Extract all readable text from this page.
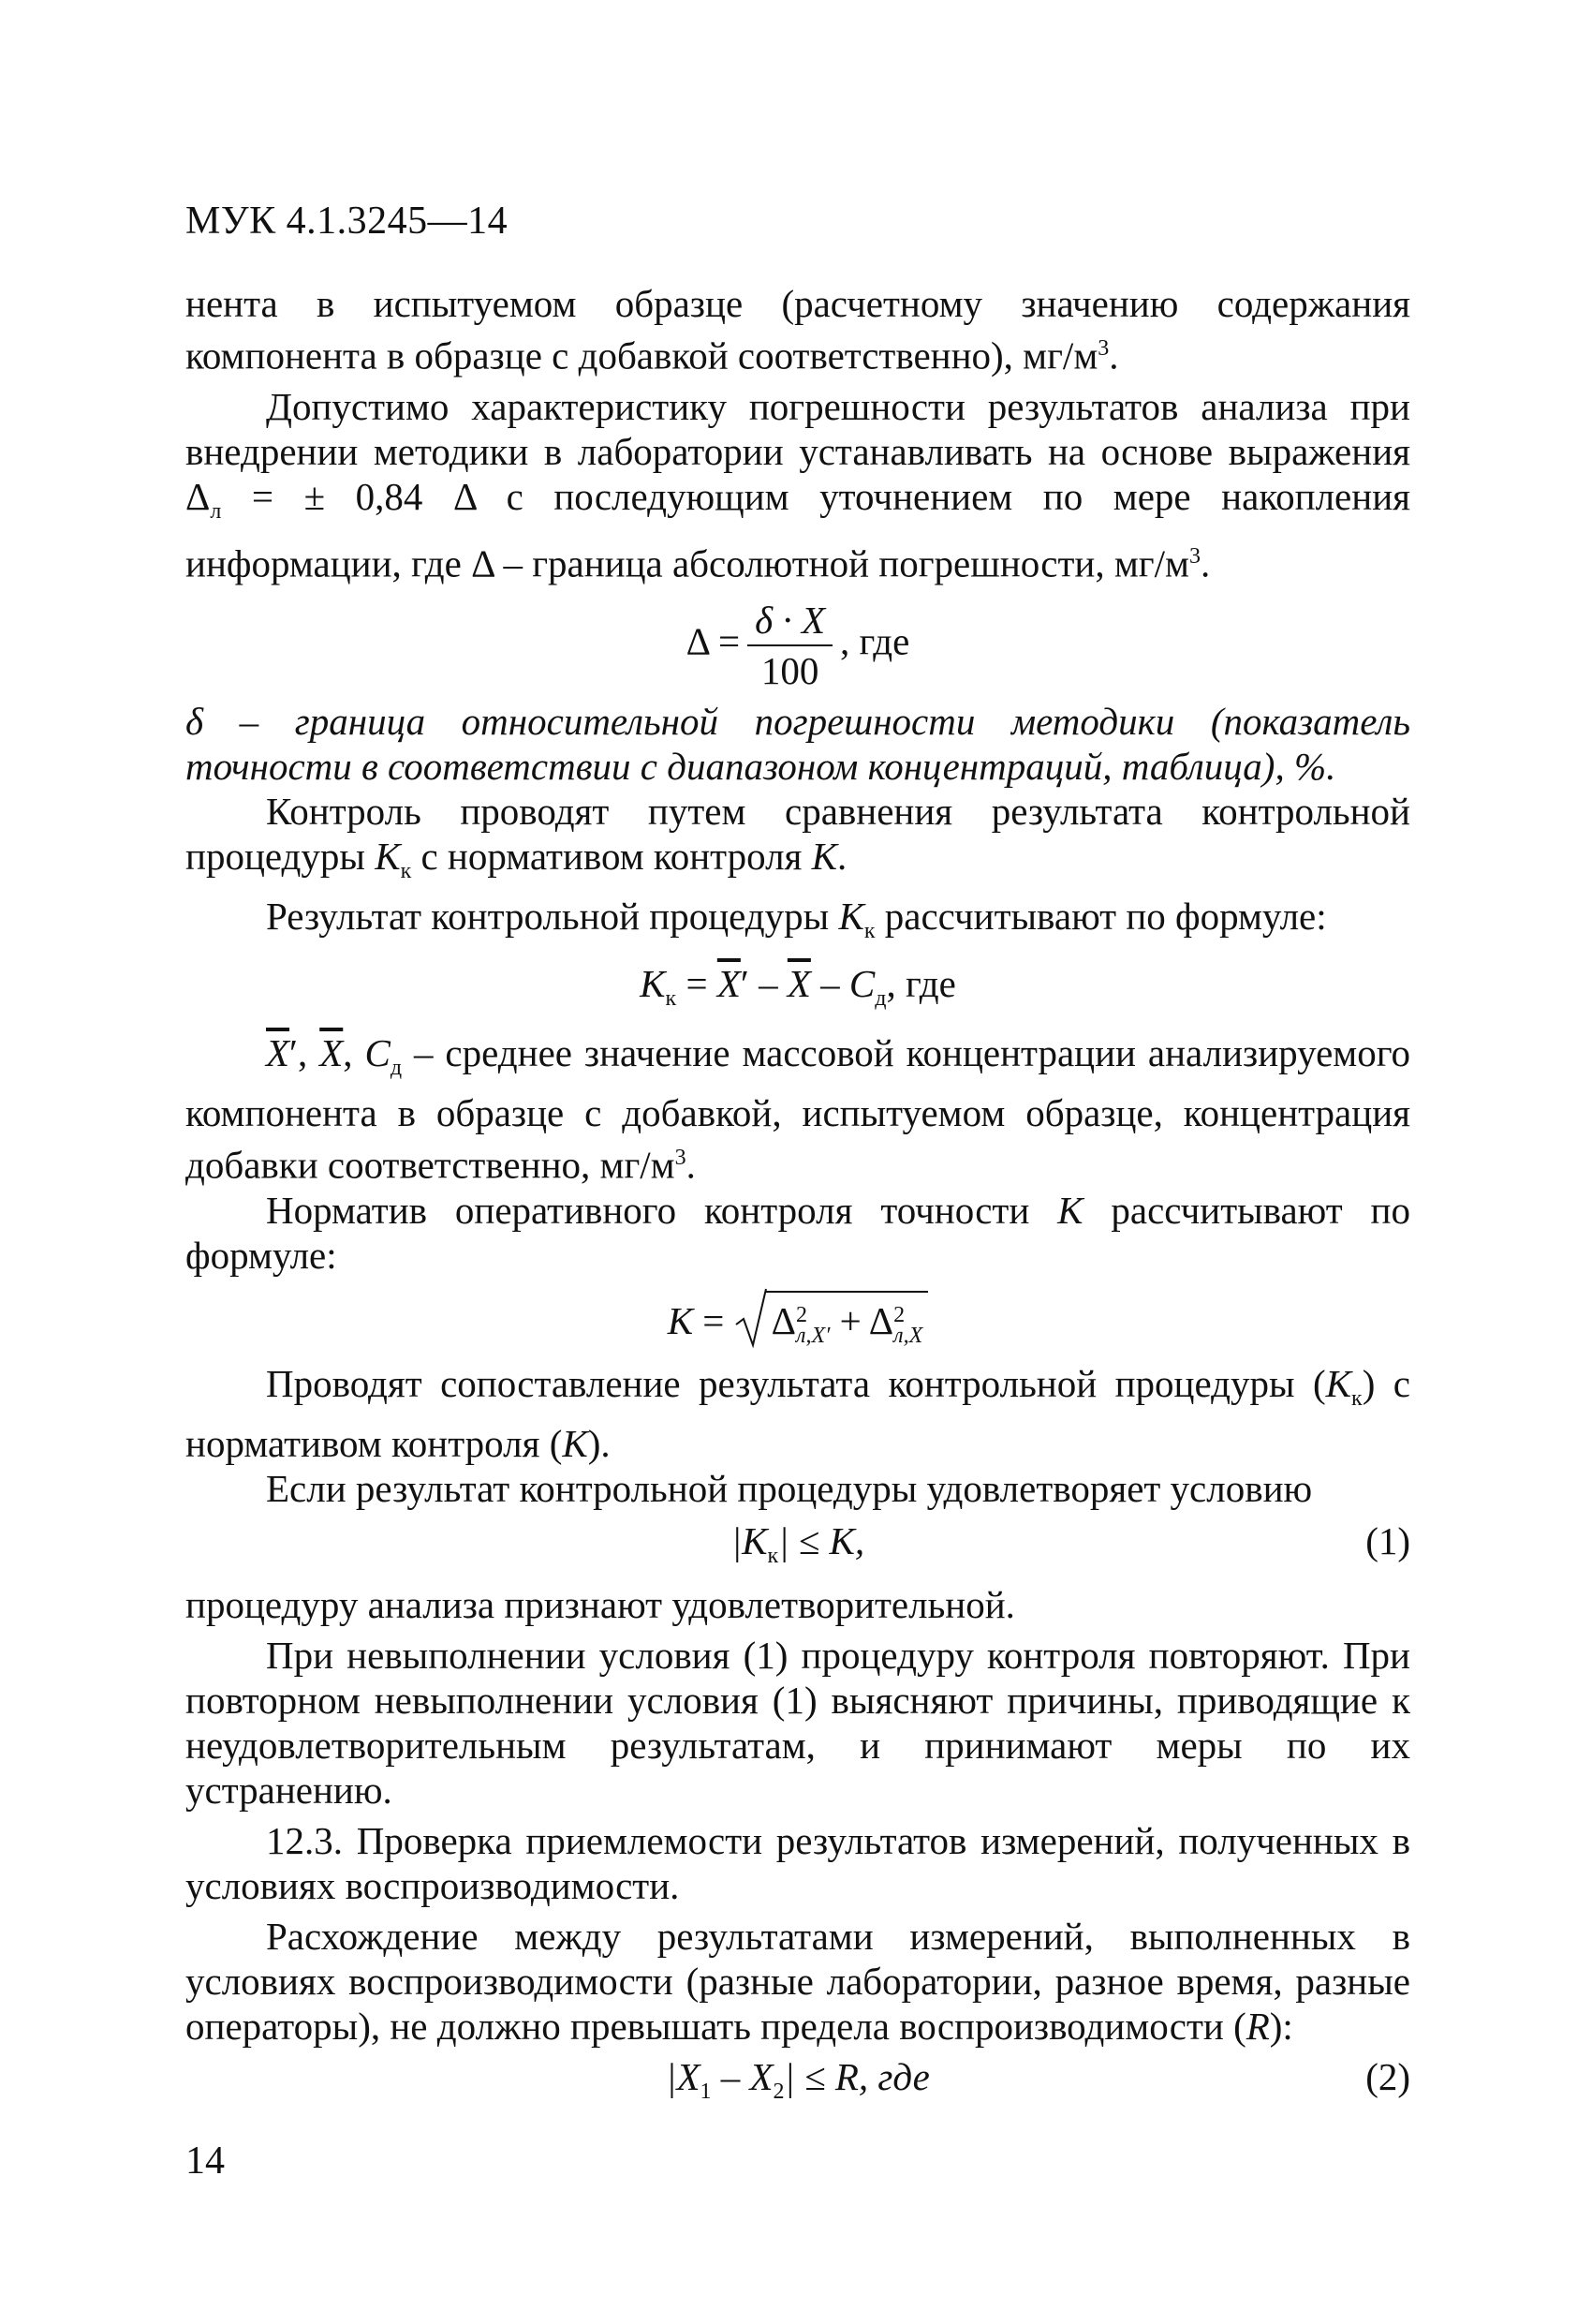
МУК 4.1.3245—14

нента в испытуемом образце (расчетному значению содержания компонента в образце с добавкой соответственно), $мг/м^3$.

Допустимо характеристику погрешности результатов анализа при внедрении методики в лаборатории устанавливать на основе выражения $\Delta_л$ = ± 0,84 Δ с последующим уточнением по мере накопления информации, где Δ – граница абсолютной погрешности, $мг/м^3$.

$\Delta = \frac{\delta \cdot X}{100}$ , где

δ – граница относительной погрешности методики (показатель точности в соответствии с диапазоном концентраций, таблица), %.

Контроль проводят путем сравнения результата контрольной процедуры $K_к$ с нормативом контроля K.

Результат контрольной процедуры $K_к$ рассчитывают по формуле:

$K_к = \overline{X}' - \overline{X} - C_д$, где

$\overline{X}'$, $\overline{X}$, $C_д$ – среднее значение массовой концентрации анализируемого компонента в образце с добавкой, испытуемом образце, концентрация добавки соответственно, $мг/м^3$.

Норматив оперативного контроля точности K рассчитывают по формуле:

K =
Δ 2
л,X′ + Δ 2
л,X

Проводят сопоставление результата контрольной процедуры $(K_к)$ с нормативом контроля (K).

Если результат контрольной процедуры удовлетворяет условию

$|K_к| \le K$,	(1)

процедуру анализа признают удовлетворительной.

При невыполнении условия (1) процедуру контроля повторяют. При повторном невыполнении условия (1) выясняют причины, приводящие к неудовлетворительным результатам, и принимают меры по их устранению.

12.3. Проверка приемлемости результатов измерений, полученных в условиях воспроизводимости.

Расхождение между результатами измерений, выполненных в условиях воспроизводимости (разные лаборатории, разное время, разные операторы), не должно превышать предела воспроизводимости (R):

$|X_1 - X_2| \le R$, где	(2)
14
